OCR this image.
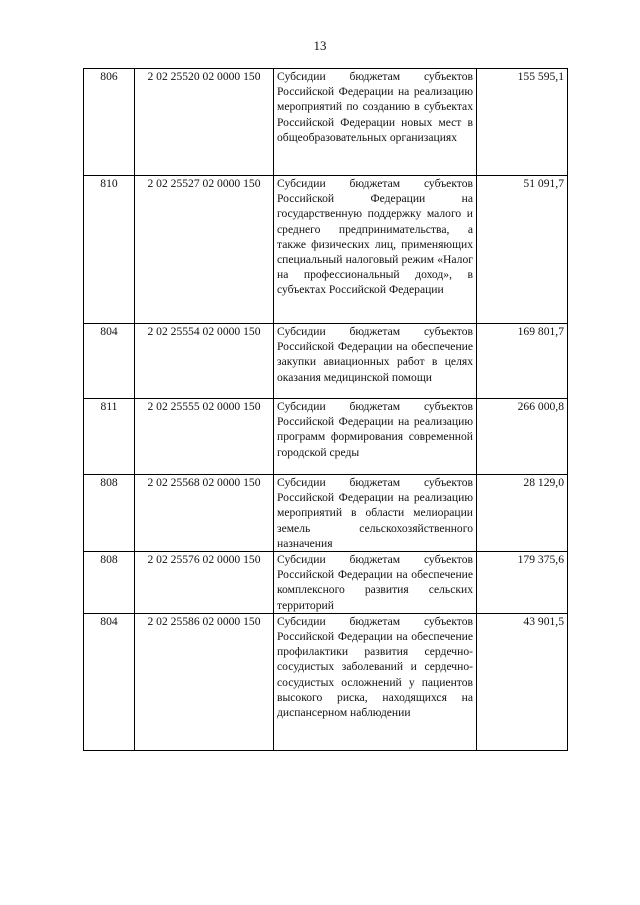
13
806	2 02 25520 02 0000 150	Субсидии бюджетам субъектов Российской Федерации на реализацию мероприятий по созданию в субъектах Российской Федерации новых мест в общеобразовательных организациях	155 595,1
810	2 02 25527 02 0000 150	Субсидии бюджетам субъектов Российской Федерации на государственную поддержку малого и среднего предпринимательства, а также физических лиц, применяющих специальный налоговый режим «Налог на профессиональный доход», в субъектах Российской Федерации	51 091,7
804	2 02 25554 02 0000 150	Субсидии бюджетам субъектов Российской Федерации на обеспечение закупки авиационных работ в целях оказания медицинской помощи	169 801,7
811	2 02 25555 02 0000 150	Субсидии бюджетам субъектов Российской Федерации на реализацию программ формирования современной городской среды	266 000,8
808	2 02 25568 02 0000 150	Субсидии бюджетам субъектов Российской Федерации на реализацию мероприятий в области мелиорации земель сельскохозяйственного назначения	28 129,0
808	2 02 25576 02 0000 150	Субсидии бюджетам субъектов Российской Федерации на обеспечение комплексного развития сельских территорий	179 375,6
804	2 02 25586 02 0000 150	Субсидии бюджетам субъектов Российской Федерации на обеспечение профилактики развития сердечно-сосудистых заболеваний и сердечно-сосудистых осложнений у пациентов высокого риска, находящихся на диспансерном наблюдении	43 901,5
